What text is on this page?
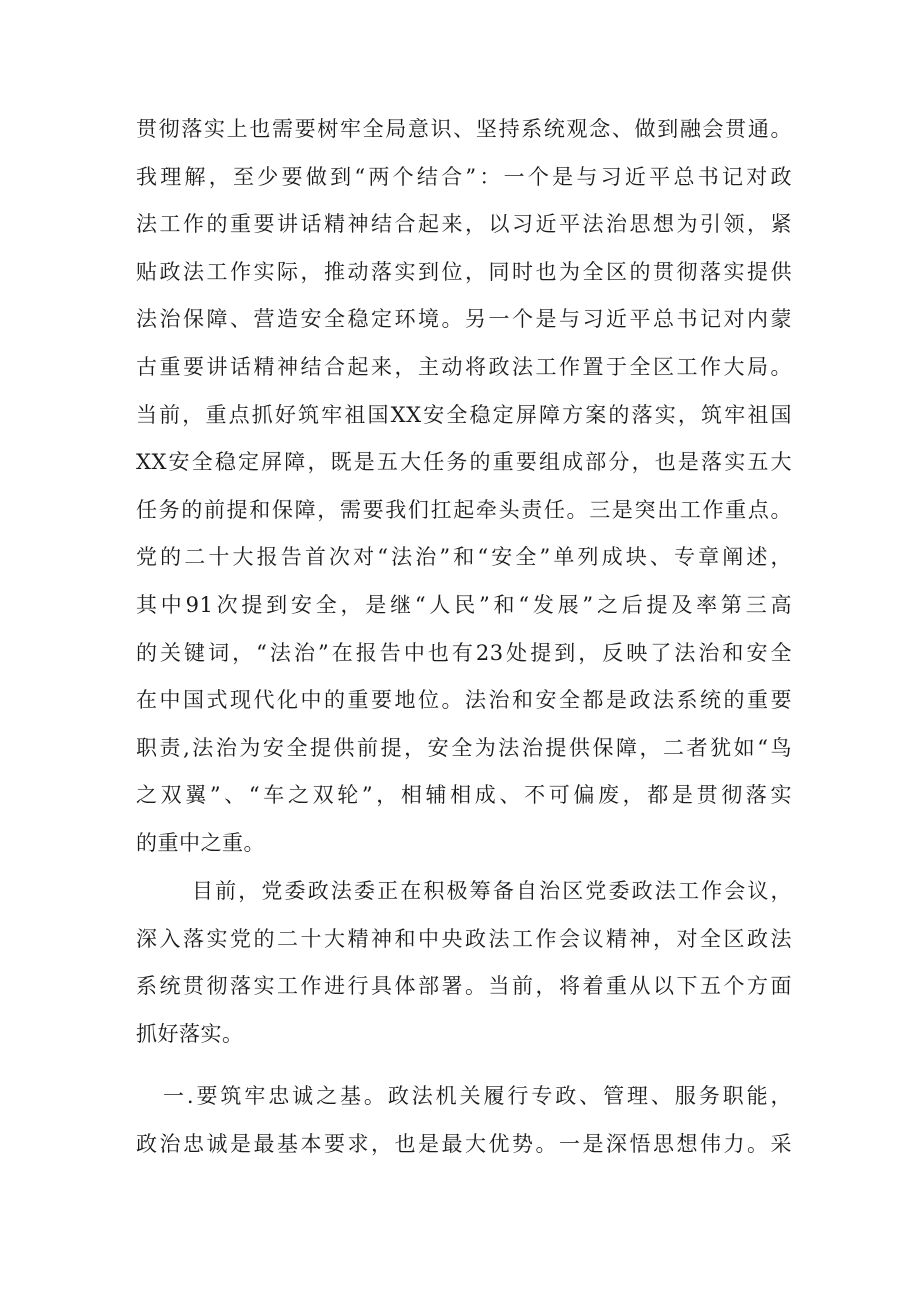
贯彻落实上也需要树牢全局意识、坚持系统观念、做到融会贯通。
我理解，至少要做到“两个结合”：一个是与习近平总书记对政
法工作的重要讲话精神结合起来，以习近平法治思想为引领，紧
贴政法工作实际，推动落实到位，同时也为全区的贯彻落实提供
法治保障、营造安全稳定环境。另一个是与习近平总书记对内蒙
古重要讲话精神结合起来，主动将政法工作置于全区工作大局。
当前，重点抓好筑牢祖国XX安全稳定屏障方案的落实，筑牢祖国
XX安全稳定屏障，既是五大任务的重要组成部分，也是落实五大
任务的前提和保障，需要我们扛起牵头责任。三是突出工作重点。
党的二十大报告首次对“法治”和“安全”单列成块、专章阐述，
其中91次提到安全，是继“人民”和“发展”之后提及率第三高
的关键词，“法治”在报告中也有23处提到，反映了法治和安全
在中国式现代化中的重要地位。法治和安全都是政法系统的重要
职责,法治为安全提供前提，安全为法治提供保障，二者犹如“鸟
之双翼”、“车之双轮”，相辅相成、不可偏废，都是贯彻落实
的重中之重。
目前，党委政法委正在积极筹备自治区党委政法工作会议，
深入落实党的二十大精神和中央政法工作会议精神，对全区政法
系统贯彻落实工作进行具体部署。当前，将着重从以下五个方面
抓好落实。
一.要筑牢忠诚之基。政法机关履行专政、管理、服务职能，
政治忠诚是最基本要求，也是最大优势。一是深悟思想伟力。采
